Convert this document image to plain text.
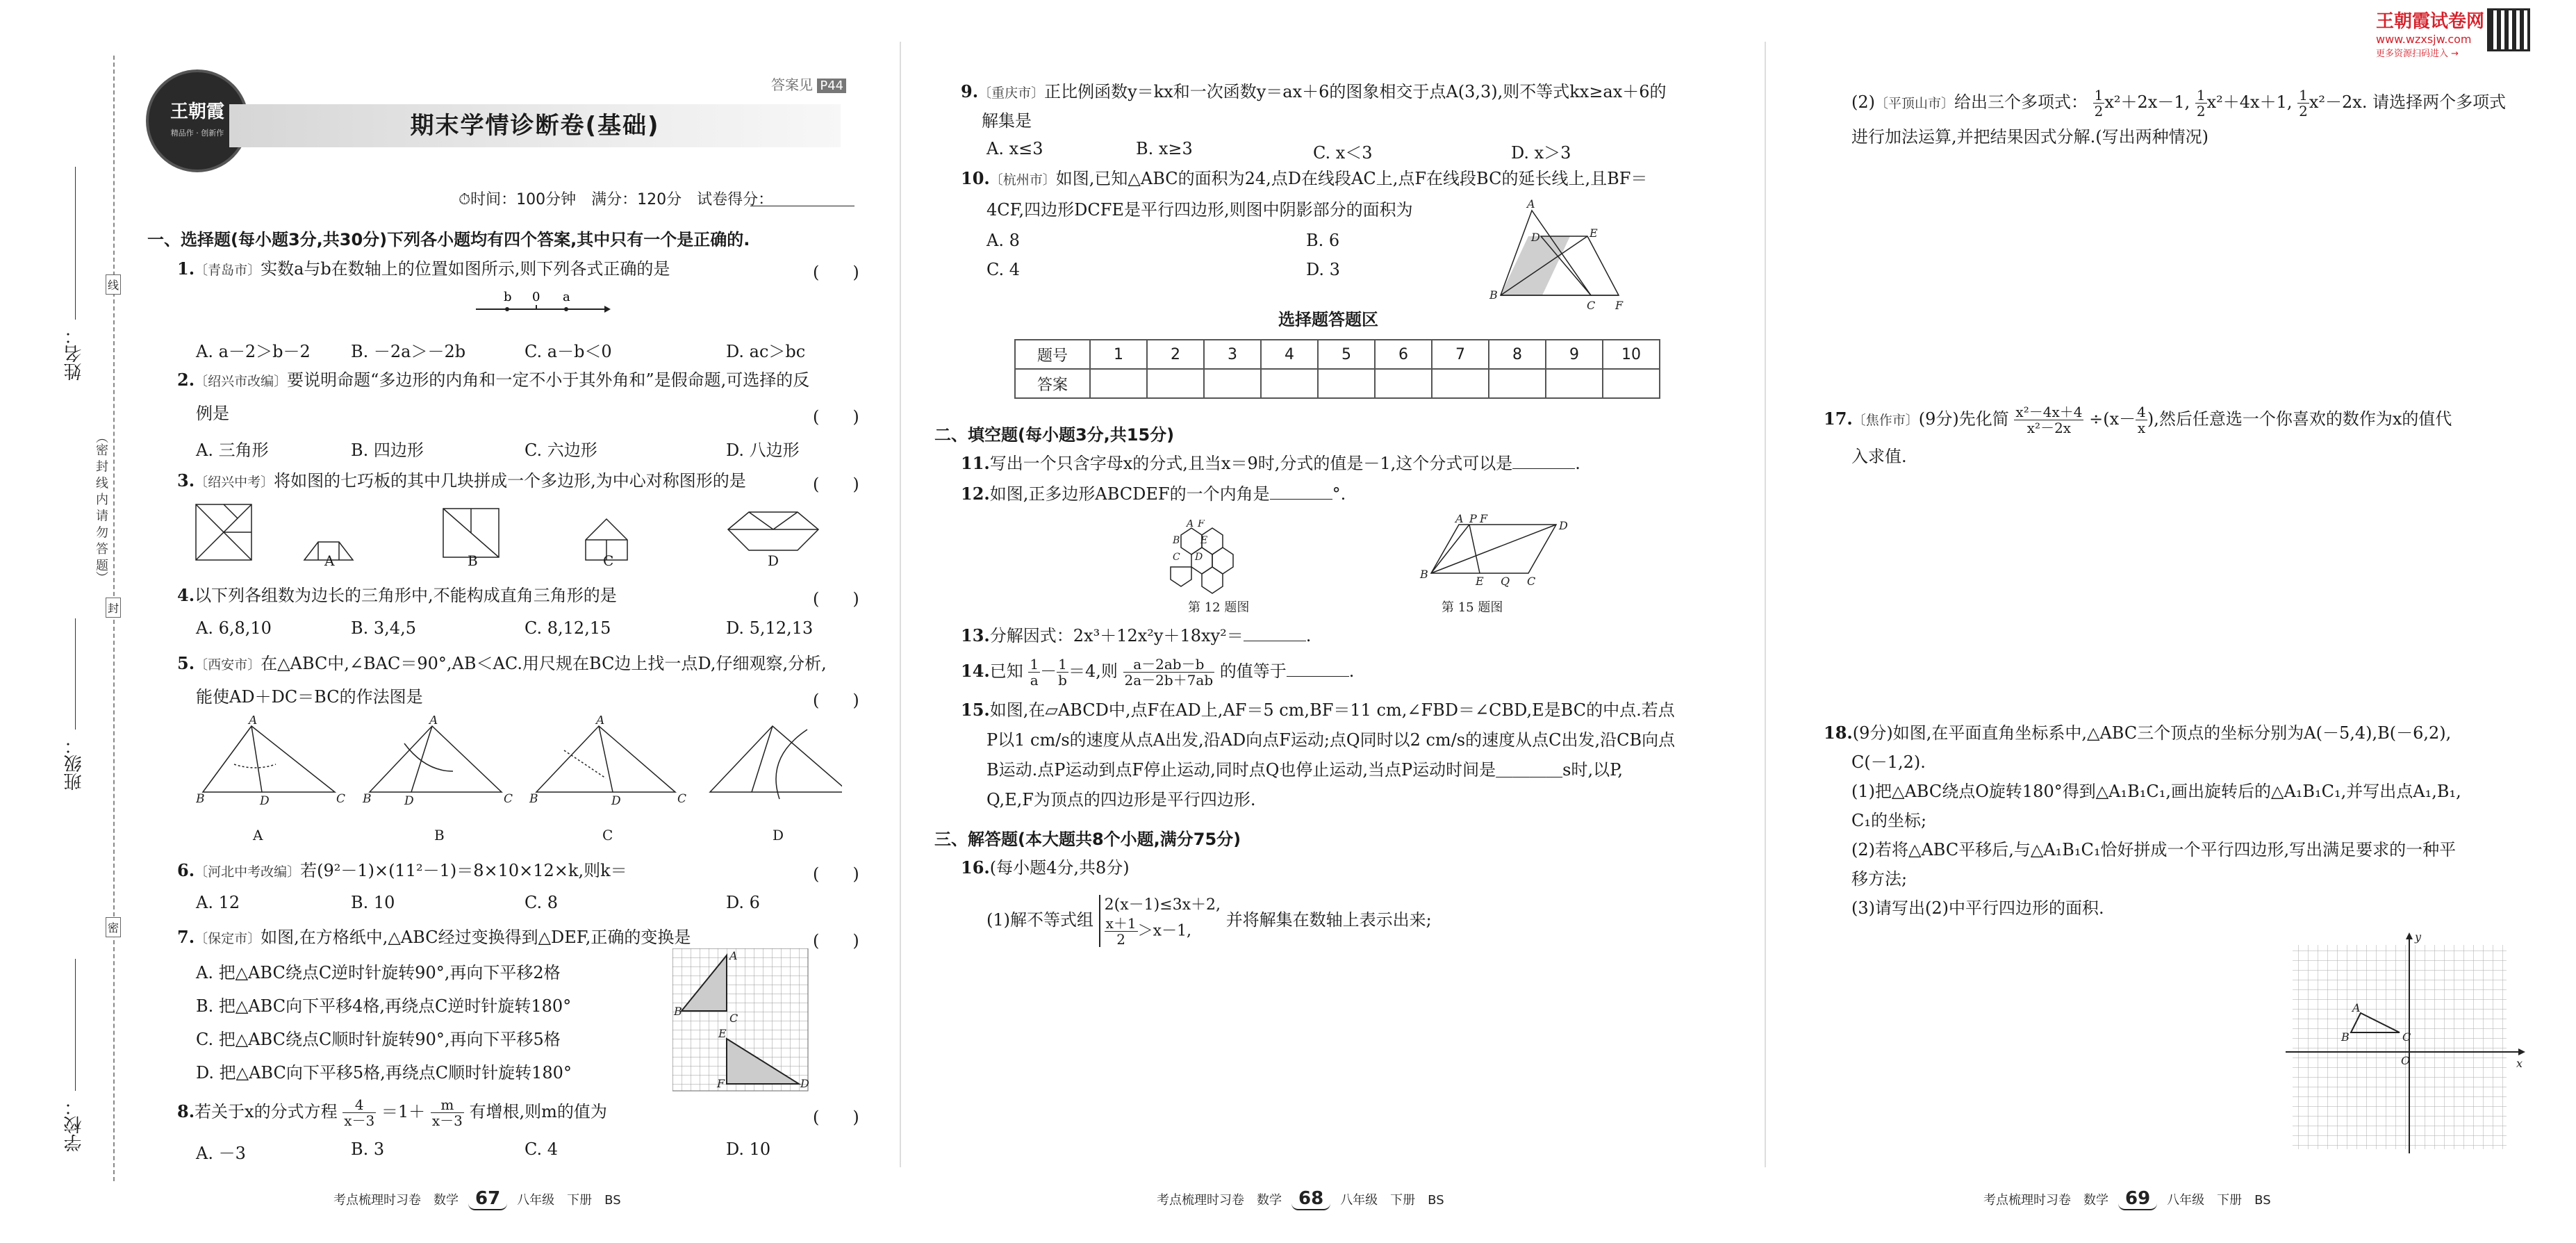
王朝霞试卷网
www.wzxsjw.com
更多资源扫码进入 →
姓名：
班级：
学校：
（密 封 线 内 请 勿 答 题）
线
封
密
王朝霞
精品作 · 创新作
答案见 P44
期末学情诊断卷(基础)
⏱时间：100分钟　满分：120分　试卷得分：
一、选择题(每小题3分,共30分)下列各小题均有四个答案,其中只有一个是正确的.
1.〔青岛市〕实数a与b在数轴上的位置如图所示,则下列各式正确的是	(　　)
b 0 a
A. a－2＞b－2 B. －2a＞－2b	C. a－b＜0	D. ac＞bc
2.〔绍兴市改编〕要说明命题“多边形的内角和一定不小于其外角和”是假命题,可选择的反
例是	(　　)
A. 三角形	B. 四边形	C. 六边形	D. 八边形
3.〔绍兴中考〕将如图的七巧板的其中几块拼成一个多边形,为中心对称图形的是	(　　)
A	B	C	D
4.以下列各组数为边长的三角形中,不能构成直角三角形的是	(　　)
A. 6,8,10	B. 3,4,5	C. 8,12,15	D. 5,12,13
5.〔西安市〕在△ABC中,∠BAC＝90°,AB＜AC.用尺规在BC边上找一点D,仔细观察,分析,
能使AD＋DC＝BC的作法图是	(　　)
B
A
D	C B
A
D	C B
A
D	C
A	B	C	D
6.〔河北中考改编〕若(9²－1)×(11²－1)＝8×10×12×k,则k＝	(　　)
A. 12	B. 10	C. 8	D. 6
7.〔保定市〕如图,在方格纸中,△ABC经过变换得到△DEF,正确的变换是	(　　)
A. 把△ABC绕点C逆时针旋转90°,再向下平移2格
B. 把△ABC向下平移4格,再绕点C逆时针旋转180°
C. 把△ABC绕点C顺时针旋转90°,再向下平移5格
D. 把△ABC向下平移5格,再绕点C顺时针旋转180°
A
B
C
E
F	D
8.若关于x的分式方程 $\frac{4}{x-3} =1+ \frac{m}{x-3}$ 有增根,则m的值为	(　　)
A. －3	B. 3	C. 4	D. 10
考点梳理时习卷　数学 67 八年级　下册　BS
9.〔重庆市〕正比例函数y＝kx和一次函数y＝ax＋6的图象相交于点A(3,3),则不等式kx≥ax＋6的
解集是
A. x≤3	B. x≥3	C. x＜3	D. x＞3
10.〔杭州市〕如图,已知△ABC的面积为24,点D在线段AC上,点F在线段BC的延长线上,且BF＝
4CF,四边形DCFE是平行四边形,则图中阴影部分的面积为
A. 8	B. 6
C. 4	D. 3
A
B
C F
D	E
选择题答题区
题号	1	2	3	4	5	6	7	8	9	10
答案										
二、填空题(每小题3分,共15分)
11.写出一个只含字母x的分式,且当x＝9时,分式的值是－1,这个分式可以是	.
12.如图,正多边形ABCDEF的一个内角是	°.
A F
B E
C D
第 12 题图
A P F
D
B
E Q C
第 15 题图
13.分解因式：2x³＋12x²y＋18xy²＝	.
14.已知 $\frac{1}{a} - \frac{1}{b} =4$,则 $\frac{a-2ab-b}{2a-2b+7ab}$ 的值等于	.
15.如图,在▱ABCD中,点F在AD上,AF＝5 cm,BF＝11 cm,∠FBD＝∠CBD,E是BC的中点.若点
P以1 cm/s的速度从点A出发,沿AD向点F运动;点Q同时以2 cm/s的速度从点C出发,沿CB向点
B运动.点P运动到点F停止运动,同时点Q也停止运动,当点P运动时间是＿＿＿＿s时,以P,
Q,E,F为顶点的四边形是平行四边形.
三、解答题(本大题共8个小题,满分75分)
16.(每小题4分,共8分)
(1)解不等式组
2(x－1)≤3x＋2,
$\frac{x+1}{2} >x-1$,
并将解集在数轴上表示出来;
考点梳理时习卷　数学 68 八年级　下册　BS
(2)〔平顶山市〕给出三个多项式： $\frac{1}{2} x^2+2x-1$, $\frac{1}{2} x^2+4x+1$, $\frac{1}{2} x^2-2x$. 请选择两个多项式
进行加法运算,并把结果因式分解.(写出两种情况)
17.〔焦作市〕(9分)先化简 $\frac{\text{x²－4x＋4}}{\text{x²－2x}} \div(x- \frac{4}{x}$ ),然后任意选一个你喜欢的数作为x的值代
入求值.
18.(9分)如图,在平面直角坐标系中,△ABC三个顶点的坐标分别为A(－5,4),B(－6,2),
C(－1,2).
(1)把△ABC绕点O旋转180°得到△A₁B₁C₁,画出旋转后的△A₁B₁C₁,并写出点A₁,B₁,
C₁的坐标;
(2)若将△ABC平移后,与△A₁B₁C₁恰好拼成一个平行四边形,写出满足要求的一种平
移方法;
(3)请写出(2)中平行四边形的面积.
y
x
O
A
B	C
考点梳理时习卷　数学 69 八年级　下册　BS
